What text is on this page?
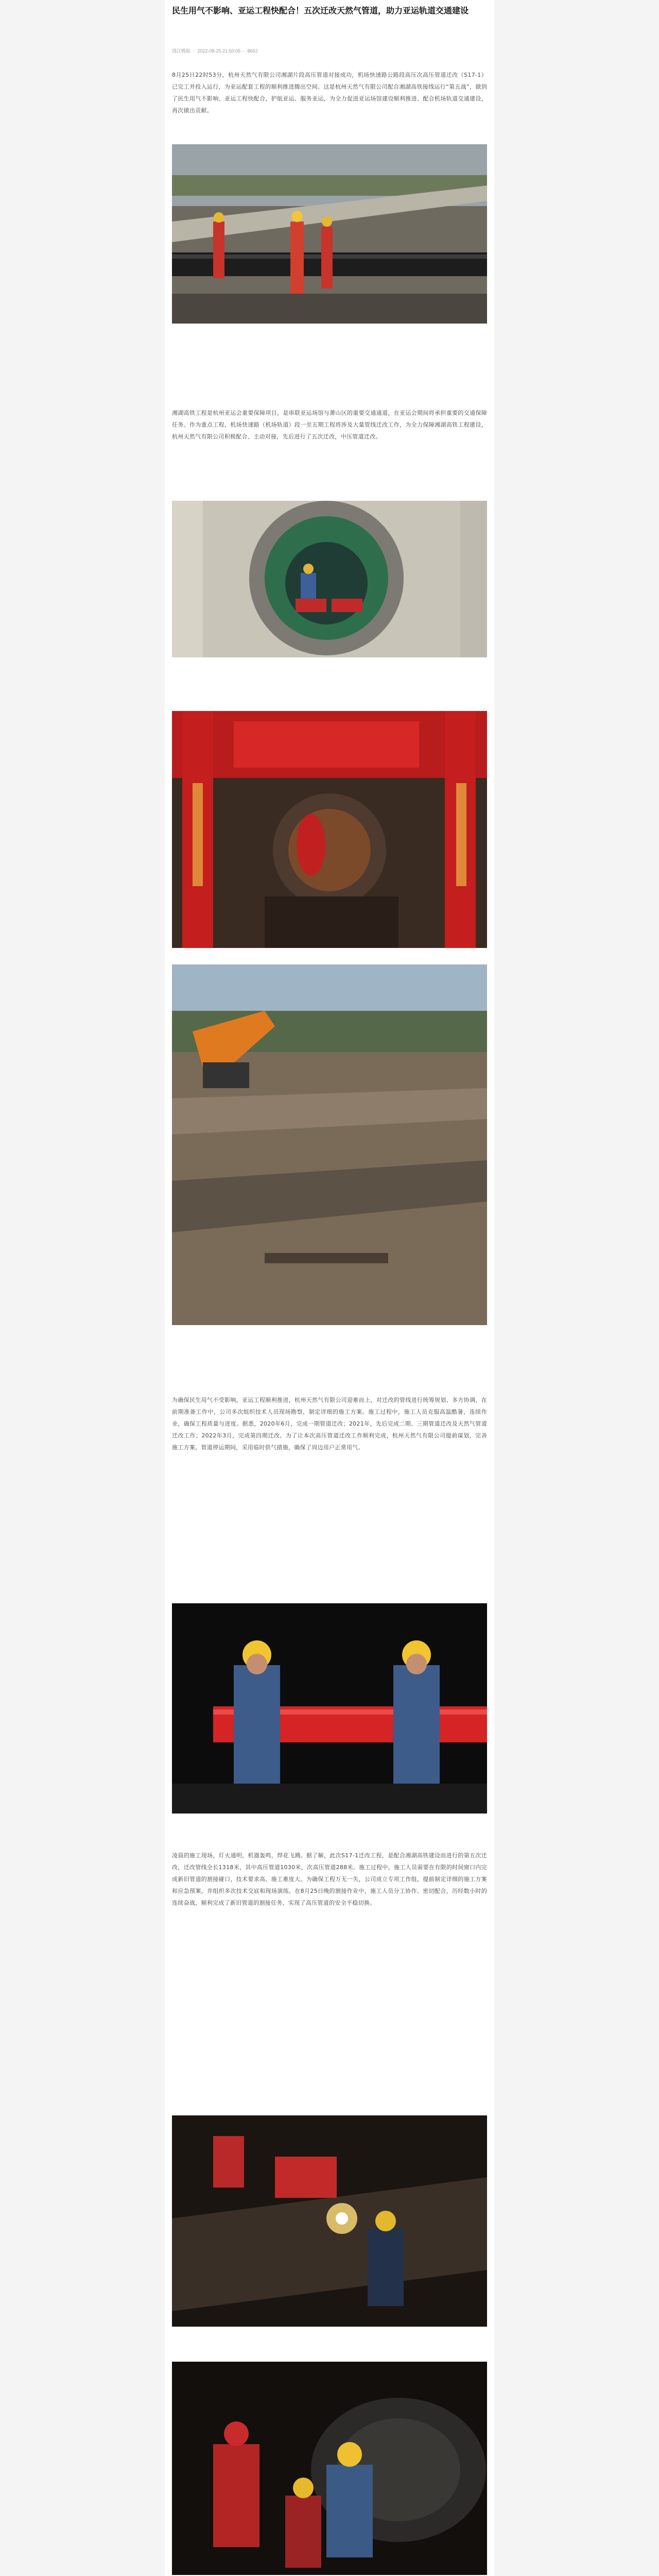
民生用气不影响、亚运工程快配合！五次迁改天然气管道，助力亚运轨道交通建设
钱江晚报 · 2022-08-25 21:50:05 · 8652
8月25日22时53分，杭州天然气有限公司湘湖片段高压管道对接成功，机场快速路公路段高压次高压管道迁改（S17-1）已完工并投入运行，为亚运配套工程的顺利推进腾出空间。这是杭州天然气有限公司配合湘湖高铁接线运行“第五战”，做到了民生用气不影响、亚运工程快配合，护航亚运、服务亚运，为全力促进亚运场馆建设顺利推进、配合机场轨道交通建设，再次做出贡献。
湘湖高铁工程是杭州亚运会重要保障项目，是串联亚运场馆与萧山区的重要交通通道，在亚运会期间将承担重要的交通保障任务。作为重点工程，机场快速路（机场轨道）段一至五期工程将涉及大量管线迁改工作，为全力保障湘湖高铁工程建设，杭州天然气有限公司积极配合、主动对接，先后进行了五次迁改，中压管道迁改。
为确保民生用气不受影响，亚运工程顺利推进，杭州天然气有限公司迎难而上，对迁改的管线进行统筹规划、多方协调，在前期准备工作中，公司多次组织技术人员现场勘察，制定详细的施工方案。施工过程中，施工人员克服高温酷暑，连续作业，确保工程质量与进度。据悉，2020年6月，完成一期管道迁改；2021年，先后完成二期、三期管道迁改及天然气管道迁改工作；2022年3月，完成第四期迁改。为了让本次高压管道迁改工作顺利完成，杭州天然气有限公司提前谋划，完善施工方案。管道停运期间，采用临时供气措施，确保了周边用户正常用气。
凌晨的施工现场，灯火通明，机器轰鸣，焊花飞溅。据了解，此次S17-1迁改工程，是配合湘湖高铁建设而进行的第五次迁改，迁改管线全长1318米，其中高压管道1030米，次高压管道288米。施工过程中，施工人员需要在有限的时间窗口内完成新旧管道的割接碰口，技术要求高、施工难度大。为确保工程万无一失，公司成立专项工作组，提前制定详细的施工方案和应急预案，并组织多次技术交底和现场演练。在8月25日晚的割接作业中，施工人员分工协作、密切配合，历经数小时的连续奋战，顺利完成了新旧管道的割接任务，实现了高压管道的安全平稳切换。
